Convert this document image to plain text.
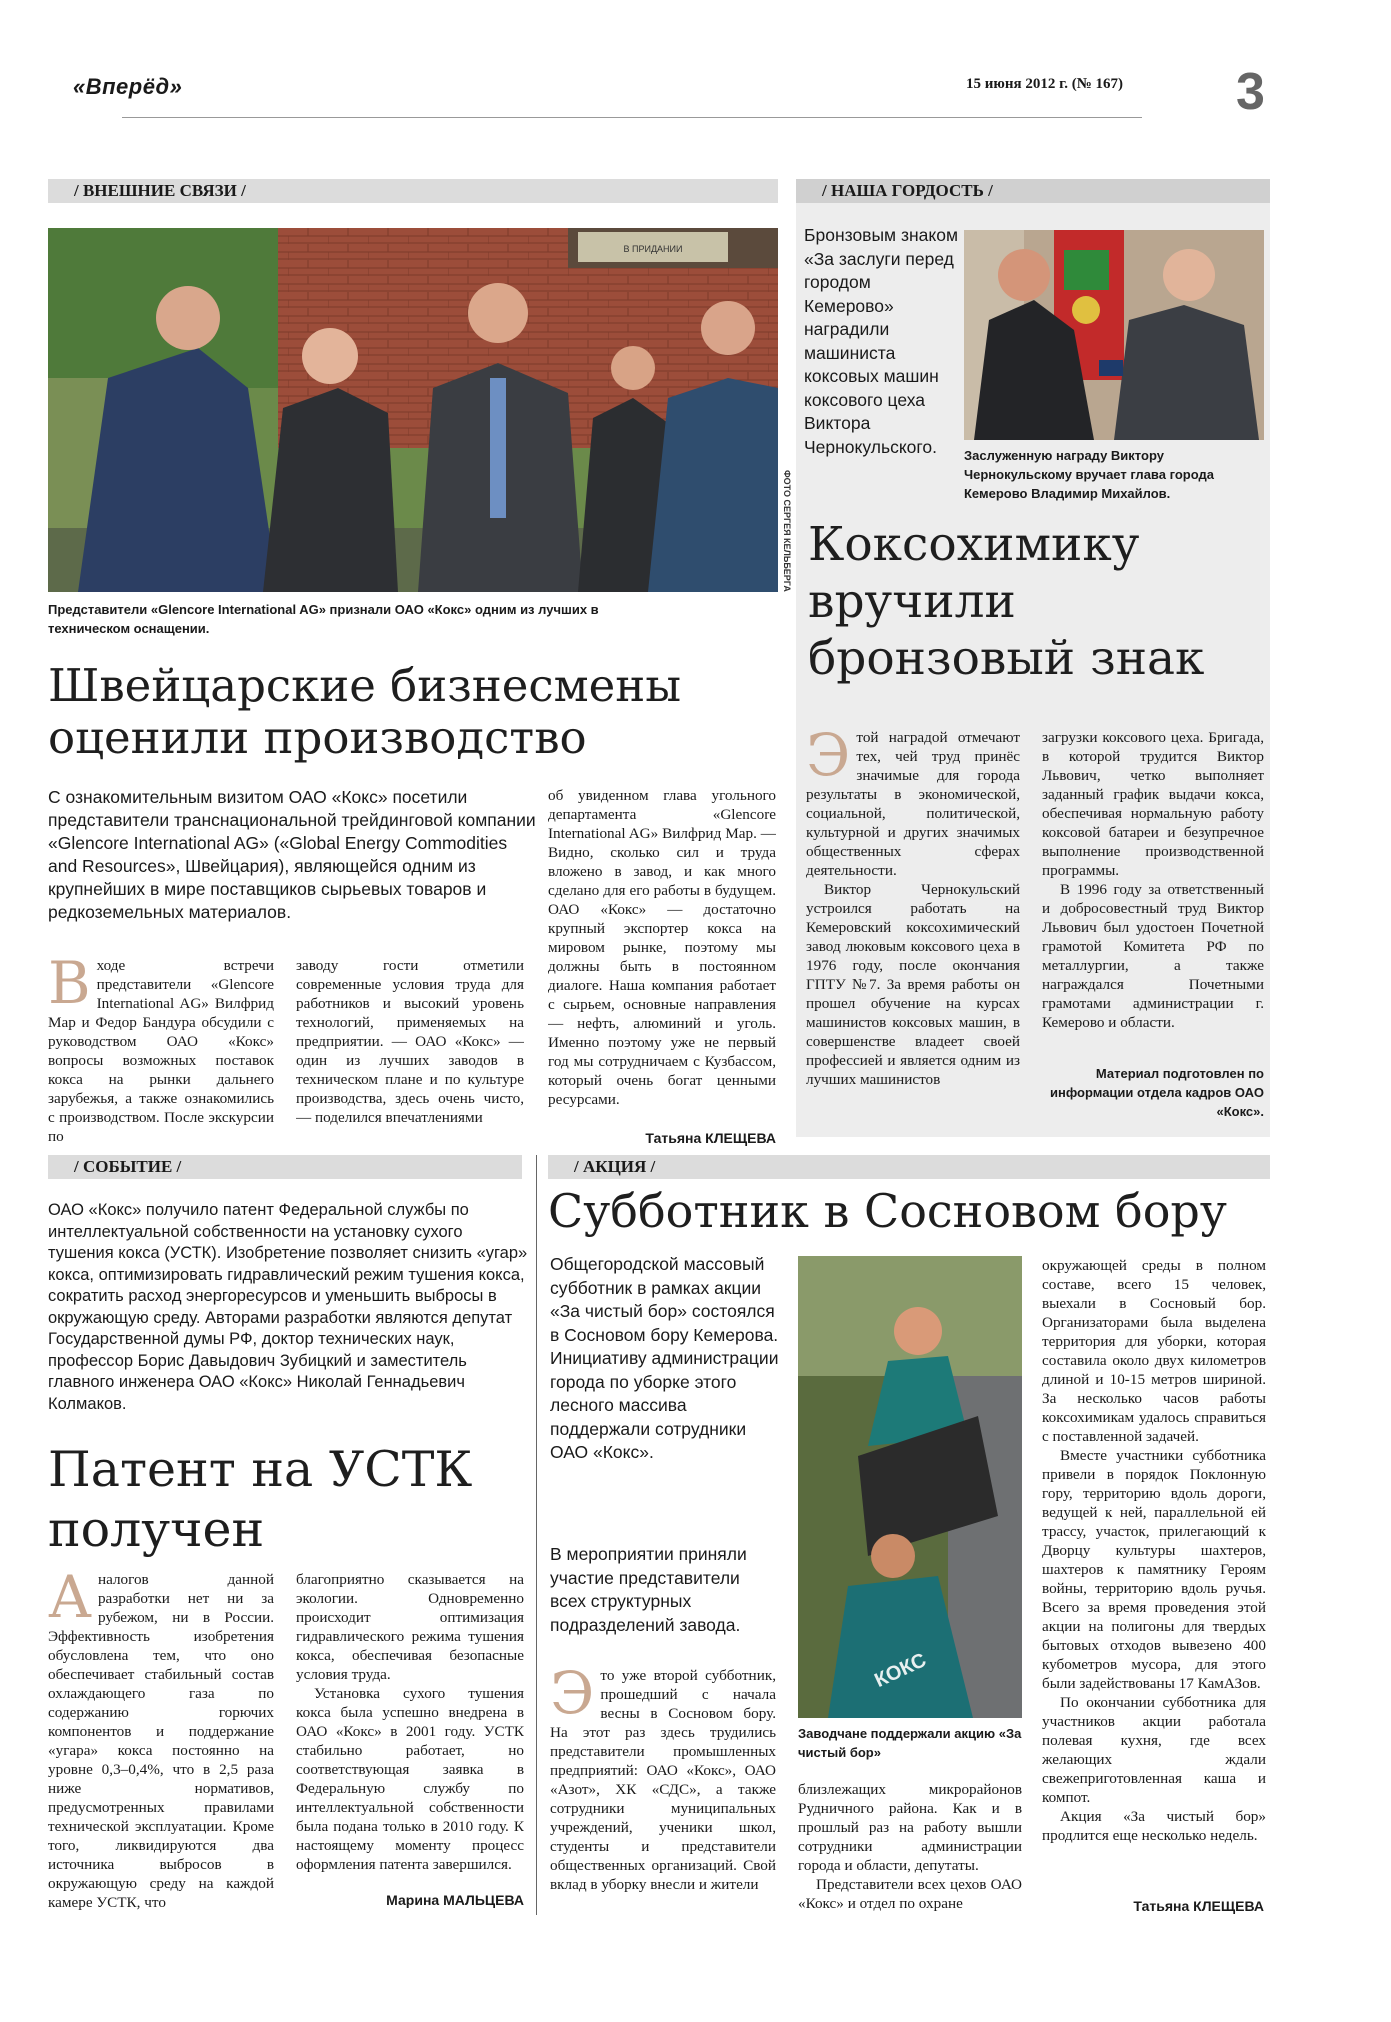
«Вперёд»	15 июня 2012 г. (№ 167) 3
/ ВНЕШНИЕ СВЯЗИ /
В ПРИДАНИИ
ФОТО СЕРГЕЯ КЕЛЬБЕРГА
Представители «Glencore International AG» признали ОАО «Кокс» одним из лучших в техническом оснащении.
Швейцарские бизнесмены оценили производство
С ознакомительным визитом ОАО «Кокс» посетили представители транснациональной трейдинговой компании «Glencore International AG» («Global Energy Commodities and Resources», Швейцария), являющейся одним из крупнейших в мире поставщиков сырьевых товаров и редкоземельных материалов.
В ходе встречи представители «Glencore International AG» Вилфрид Мар и Федор Бандура обсудили с руководством ОАО «Кокс» вопросы возможных поставок кокса на рынки дальнего зарубежья, а также ознакомились с производством. После экскурсии по

заводу гости отметили современные условия труда для работников и высокий уровень технологий, применяемых на предприятии. — ОАО «Кокс» — один из лучших заводов в техническом плане и по культуре производства, здесь очень чисто, — поделился впечатлениями

об увиденном глава угольного департамента «Glencore International AG» Вилфрид Мар. — Видно, сколько сил и труда вложено в завод, и как много сделано для его работы в будущем. ОАО «Кокс» — достаточно крупный экспортер кокса на мировом рынке, поэтому мы должны быть в постоянном диалоге. Наша компания работает с сырьем, основные направления — нефть, алюминий и уголь. Именно поэтому уже не первый год мы сотрудничаем с Кузбассом, который очень богат ценными ресурсами.

Татьяна КЛЕЩЕВА
/ НАША ГОРДОСТЬ /
Бронзовым знаком «За заслуги перед городом Кемерово» наградили машиниста коксовых машин коксового цеха Виктора Чернокульского.	Заслуженную награду Виктору Чернокульскому вручает глава города Кемерово Владимир Михайлов.
Коксохимику вручили бронзовый знак
Э той наградой отмечают тех, чей труд принёс значимые для города результаты в экономической, социальной, политической, культурной и других значимых общественных сферах деятельности.

Виктор Чернокульский устроился работать на Кемеровский коксохимический завод люковым коксового цеха в 1976 году, после окончания ГПТУ №7. За время работы он прошел обучение на курсах машинистов коксовых машин, в совершенстве владеет своей профессией и является одним из лучших машинистов

загрузки коксового цеха. Бригада, в которой трудится Виктор Львович, четко выполняет заданный график выдачи кокса, обеспечивая нормальную работу коксовой батареи и безупречное выполнение производственной программы.

В 1996 году за ответственный и добросовестный труд Виктор Львович был удостоен Почетной грамотой Комитета РФ по металлургии, а также награждался Почетными грамотами администрации г. Кемерово и области.

Материал подготовлен по информации отдела кадров ОАО «Кокс».
/ СОБЫТИЕ /
ОАО «Кокс» получило патент Федеральной службы по интеллектуальной собственности на установку сухого тушения кокса (УСТК). Изобретение позволяет снизить «угар» кокса, оптимизировать гидравлический режим тушения кокса, сократить расход энергоресурсов и уменьшить выбросы в окружающую среду. Авторами разработки являются депутат Государственной думы РФ, доктор технических наук, профессор Борис Давыдович Зубицкий и заместитель главного инженера ОАО «Кокс» Николай Геннадьевич Колмаков.
Патент на УСТК получен
А налогов данной разработки нет ни за рубежом, ни в России. Эффективность изобретения обусловлена тем, что оно обеспечивает стабильный состав охлаждающего газа по содержанию горючих компонентов и поддержание «угара» кокса постоянно на уровне 0,3–0,4%, что в 2,5 раза ниже нормативов, предусмотренных правилами технической эксплуатации. Кроме того, ликвидируются два источника выбросов в окружающую среду на каждой камере УСТК, что

благоприятно сказывается на экологии. Одновременно происходит оптимизация гидравлического режима тушения кокса, обеспечивая безопасные условия труда.

Установка сухого тушения кокса была успешно внедрена в ОАО «Кокс» в 2001 году. УСТК стабильно работает, но соответствующая заявка в Федеральную службу по интеллектуальной собственности была подана только в 2010 году. К настоящему моменту процесс оформления патента завершился.

Марина МАЛЬЦЕВА
/ АКЦИЯ /
Субботник в Сосновом бору
Общегородской массовый субботник в рамках акции «За чистый бор» состоялся в Сосновом бору Кемерова. Инициативу администрации города по уборке этого лесного массива поддержали сотрудники ОАО «Кокс».
В мероприятии приняли участие представители всех структурных подразделений завода.
КОКС
Заводчане поддержали акцию «За чистый бор»
Э то уже второй субботник, прошедший с начала весны в Сосновом бору. На этот раз здесь трудились представители промышленных предприятий: ОАО «Кокс», ОАО «Азот», ХК «СДС», а также сотрудники муниципальных учреждений, ученики школ, студенты и представители общественных организаций. Свой вклад в уборку внесли и жители

близлежащих микрорайонов Рудничного района. Как и в прошлый раз на работу вышли сотрудники администрации города и области, депутаты.

Представители всех цехов ОАО «Кокс» и отдел по охране

окружающей среды в полном составе, всего 15 человек, выехали в Сосновый бор. Организаторами была выделена территория для уборки, которая составила около двух километров длиной и 10-15 метров шириной. За несколько часов работы коксохимикам удалось справиться с поставленной задачей.

Вместе участники субботника привели в порядок Поклонную гору, территорию вдоль дороги, ведущей к ней, параллельной ей трассу, участок, прилегающий к Дворцу культуры шахтеров, шахтеров к памятнику Героям войны, территорию вдоль ручья. Всего за время проведения этой акции на полигоны для твердых бытовых отходов вывезено 400 кубометров мусора, для этого были задействованы 17 КамАЗов.

По окончании субботника для участников акции работала полевая кухня, где всех желающих ждали свежеприготовленная каша и компот.

Акция «За чистый бор» продлится еще несколько недель.

Татьяна КЛЕЩЕВА
